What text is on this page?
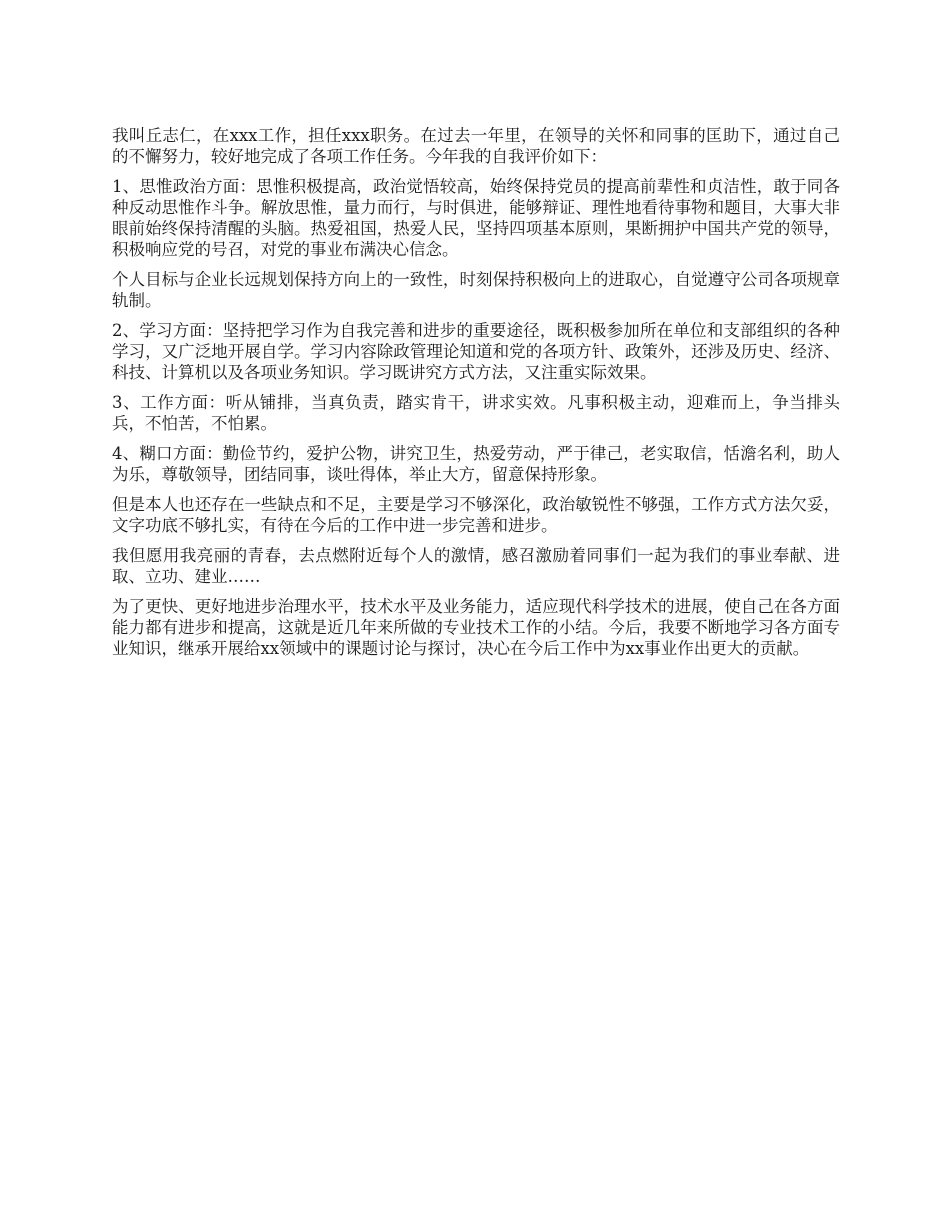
我叫丘志仁，在xxx工作，担任xxx职务。在过去一年里，在领导的关怀和同事的匡助下，通过自己的不懈努力，较好地完成了各项工作任务。今年我的自我评价如下：

1、思惟政治方面：思惟积极提高，政治觉悟较高，始终保持党员的提高前辈性和贞洁性，敢于同各种反动思惟作斗争。解放思惟，量力而行，与时俱进，能够辩证、理性地看待事物和题目，大事大非眼前始终保持清醒的头脑。热爱祖国，热爱人民，坚持四项基本原则，果断拥护中国共产党的领导，积极响应党的号召，对党的事业布满决心信念。

个人目标与企业长远规划保持方向上的一致性，时刻保持积极向上的进取心，自觉遵守公司各项规章轨制。

2、学习方面：坚持把学习作为自我完善和进步的重要途径，既积极参加所在单位和支部组织的各种学习，又广泛地开展自学。学习内容除政管理论知道和党的各项方针、政策外，还涉及历史、经济、科技、计算机以及各项业务知识。学习既讲究方式方法，又注重实际效果。

3、工作方面：听从铺排，当真负责，踏实肯干，讲求实效。凡事积极主动，迎难而上，争当排头兵，不怕苦，不怕累。

4、糊口方面：勤俭节约，爱护公物，讲究卫生，热爱劳动，严于律己，老实取信，恬澹名利，助人为乐，尊敬领导，团结同事，谈吐得体，举止大方，留意保持形象。

但是本人也还存在一些缺点和不足，主要是学习不够深化，政治敏锐性不够强，工作方式方法欠妥，文字功底不够扎实，有待在今后的工作中进一步完善和进步。

我但愿用我亮丽的青春，去点燃附近每个人的激情，感召激励着同事们一起为我们的事业奉献、进取、立功、建业……

为了更快、更好地进步治理水平，技术水平及业务能力，适应现代科学技术的进展，使自己在各方面能力都有进步和提高，这就是近几年来所做的专业技术工作的小结。今后，我要不断地学习各方面专业知识，继承开展给xx领域中的课题讨论与探讨，决心在今后工作中为xx事业作出更大的贡献。
